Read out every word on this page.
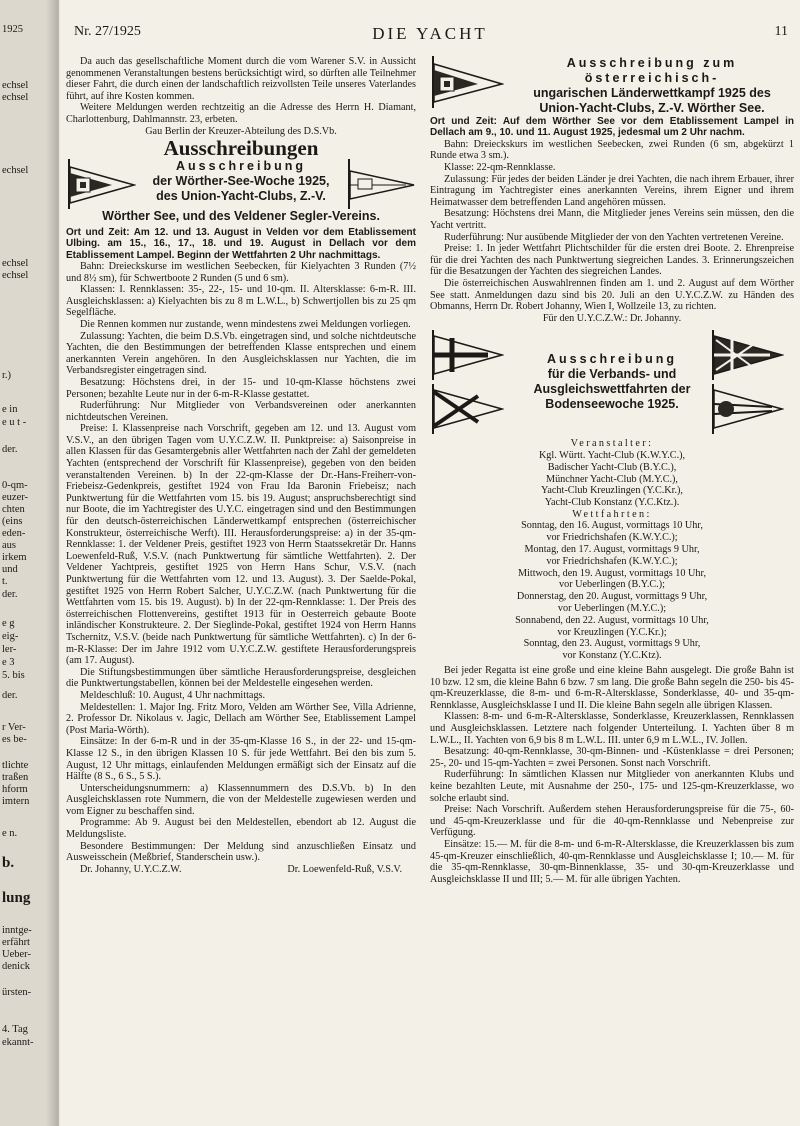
1925
echsel
echsel
echsel
echsel
echsel
r.)
e in
e u t -
der.
0-qm-
euzer-
chten
(eins
eden-
aus
irkem
und
t.
der.
e g
eig-
ler-
e 3
5. bis
der.
r Ver-
es be-
tlichte
traßen
hform
imtern
e n.
b.
lung
inntge-
erfährt
Ueber-
denick
ürsten-
4. Tag
ekannt-
Nr. 27/1925	DIE YACHT	11

Da auch das gesellschaftliche Moment durch die vom Warener S.V. in Aussicht genommenen Veranstaltungen bestens berücksichtigt wird, so dürften alle Teilnehmer dieser Fahrt, die durch einen der landschaftlich reizvollsten Teile unseres Vaterlandes führt, auf ihre Kosten kommen.

Weitere Meldungen werden rechtzeitig an die Adresse des Herrn H. Diamant, Charlottenburg, Dahlmannstr. 23, erbeten.

Gau Berlin der Kreuzer-Abteilung des D.S.Vb.

Ausschreibungen
Ausschreibung
der Wörther-See-Woche 1925,
des Union-Yacht-Clubs, Z.-V.
Wörther See, und des Veldener Segler-Vereins.

Ort und Zeit: Am 12. und 13. August in Velden vor dem Etablissement Ulbing. am 15., 16., 17., 18. und 19. August in Dellach vor dem Etablissement Lampel. Beginn der Wettfahrten 2 Uhr nachmittags.

Bahn: Dreieckskurse im westlichen Seebecken, für Kielyachten 3 Runden (7½ und 8½ sm), für Schwertboote 2 Runden (5 und 6 sm).

Klassen: I. Rennklassen: 35-, 22-, 15- und 10-qm. II. Altersklasse: 6-m-R. III. Ausgleichsklassen: a) Kielyachten bis zu 8 m L.W.L., b) Schwertjollen bis zu 25 qm Segelfläche.

Die Rennen kommen nur zustande, wenn mindestens zwei Meldungen vorliegen.

Zulassung: Yachten, die beim D.S.Vb. eingetragen sind, und solche nichtdeutsche Yachten, die den Bestimmungen der betreffenden Klasse entsprechen und einem anerkannten Verein angehören. In den Ausgleichsklassen nur Yachten, die im Verbandsregister eingetragen sind.

Besatzung: Höchstens drei, in der 15- und 10-qm-Klasse höchstens zwei Personen; bezahlte Leute nur in der 6-m-R-Klasse gestattet.

Ruderführung: Nur Mitglieder von Verbandsvereinen oder anerkannten nichtdeutschen Vereinen.

Preise: I. Klassenpreise nach Vorschrift, gegeben am 12. und 13. August vom V.S.V., an den übrigen Tagen vom U.Y.C.Z.W. II. Punktpreise: a) Saisonpreise in allen Klassen für das Gesamtergebnis aller Wettfahrten nach der Zahl der gemeldeten Yachten (entsprechend der Vorschrift für Klassenpreise), gegeben von den beiden veranstaltenden Vereinen. b) In der 22-qm-Klasse der Dr.-Hans-Freiherr-von-Friebeisz-Gedenkpreis, gestiftet 1924 von Frau Ida Baronin Friebeisz; nach Punktwertung für die Wettfahrten vom 15. bis 19. August; anspruchsberechtigt sind nur Boote, die im Yachtregister des U.Y.C. eingetragen sind und den Bestimmungen für den deutsch-österreichischen Länderwettkampf entsprechen (österreichischer Konstrukteur, österreichische Werft). III. Herausforderungspreise: a) in der 35-qm-Rennklasse: 1. der Veldener Preis, gestiftet 1923 von Herrn Staatssekretär Dr. Hanns Loewenfeld-Ruß, V.S.V. (nach Punktwertung für sämtliche Wettfahrten). 2. Der Veldener Yachtpreis, gestiftet 1925 von Herrn Hans Schur, V.S.V. (nach Punktwertung für die Wettfahrten vom 12. und 13. August). 3. Der Saelde-Pokal, gestiftet 1925 von Herrn Robert Salcher, U.Y.C.Z.W. (nach Punktwertung für die Wettfahrten vom 15. bis 19. August). b) In der 22-qm-Rennklasse: 1. Der Preis des österreichischen Flottenvereins, gestiftet 1913 für in Oesterreich gebaute Boote inländischer Konstrukteure. 2. Der Sieglinde-Pokal, gestiftet 1924 von Herrn Hanns Tschernitz, V.S.V. (beide nach Punktwertung für sämtliche Wettfahrten). c) In der 6-m-R-Klasse: Der im Jahre 1912 vom U.Y.C.Z.W. gestiftete Herausforderungspreis (am 17. August).

Die Stiftungsbestimmungen über sämtliche Herausforderungspreise, desgleichen die Punktwertungstabellen, können bei der Meldestelle eingesehen werden.

Meldeschluß: 10. August, 4 Uhr nachmittags.

Meldestellen: 1. Major Ing. Fritz Moro, Velden am Wörther See, Villa Adrienne, 2. Professor Dr. Nikolaus v. Jagic, Dellach am Wörther See, Etablissement Lampel (Post Maria-Wörth).

Einsätze: In der 6-m-R und in der 35-qm-Klasse 16 S., in der 22- und 15-qm-Klasse 12 S., in den übrigen Klassen 10 S. für jede Wettfahrt. Bei den bis zum 5. August, 12 Uhr mittags, einlaufenden Meldungen ermäßigt sich der Einsatz auf die Hälfte (8 S., 6 S., 5 S.).

Unterscheidungsnummern: a) Klassennummern des D.S.Vb. b) In den Ausgleichsklassen rote Nummern, die von der Meldestelle zugewiesen werden und vom Eigner zu beschaffen sind.

Programme: Ab 9. August bei den Meldestellen, ebendort ab 12. August die Meldungsliste.

Besondere Bestimmungen: Der Meldung sind anzuschließen Einsatz und Ausweisschein (Meßbrief, Standerschein usw.).

Dr. Johanny, U.Y.C.Z.W.	Dr. Loewenfeld-Ruß, V.S.V.
Ausschreibung zum österreichisch-
ungarischen Länderwettkampf 1925 des
Union-Yacht-Clubs, Z.-V. Wörther See.

Ort und Zeit: Auf dem Wörther See vor dem Etablissement Lampel in Dellach am 9., 10. und 11. August 1925, jedesmal um 2 Uhr nachm.

Bahn: Dreieckskurs im westlichen Seebecken, zwei Runden (6 sm, abgekürzt 1 Runde etwa 3 sm.).

Klasse: 22-qm-Rennklasse.

Zulassung: Für jedes der beiden Länder je drei Yachten, die nach ihrem Erbauer, ihrer Eintragung im Yachtregister eines anerkannten Vereins, ihrem Eigner und ihrem Heimatwasser dem betreffenden Land angehören müssen.

Besatzung: Höchstens drei Mann, die Mitglieder jenes Vereins sein müssen, den die Yacht vertritt.

Ruderführung: Nur ausübende Mitglieder der von den Yachten vertretenen Vereine.

Preise: 1. In jeder Wettfahrt Plichtschilder für die ersten drei Boote. 2. Ehrenpreise für die drei Yachten des nach Punktwertung siegreichen Landes. 3. Erinnerungszeichen für die Besatzungen der Yachten des siegreichen Landes.

Die österreichischen Auswahlrennen finden am 1. und 2. August auf dem Wörther See statt. Anmeldungen dazu sind bis 20. Juli an den U.Y.C.Z.W. zu Händen des Obmanns, Herrn Dr. Robert Johanny, Wien I, Wollzeile 13, zu richten.

Für den U.Y.C.Z.W.: Dr. Johanny.

Ausschreibung
für die Verbands- und
Ausgleichswettfahrten der
Bodenseewoche 1925.

Veranstalter:

Kgl. Württ. Yacht-Club (K.W.Y.C.),
Badischer Yacht-Club (B.Y.C.),
Münchner Yacht-Club (M.Y.C.),
Yacht-Club Kreuzlingen (Y.C.Kr.),
Yacht-Club Konstanz (Y.C.Ktz.).

Wettfahrten:

Sonntag, den 16. August, vormittags 10 Uhr,
vor Friedrichshafen (K.W.Y.C.);
Montag, den 17. August, vormittags 9 Uhr,
vor Friedrichshafen (K.W.Y.C.);
Mittwoch, den 19. August, vormittags 10 Uhr,
vor Ueberlingen (B.Y.C.);
Donnerstag, den 20. August, vormittags 9 Uhr,
vor Ueberlingen (M.Y.C.);
Sonnabend, den 22. August, vormittags 10 Uhr,
vor Kreuzlingen (Y.C.Kr.);
Sonntag, den 23. August, vormittags 9 Uhr,
vor Konstanz (Y.C.Ktz).

Bei jeder Regatta ist eine große und eine kleine Bahn ausgelegt. Die große Bahn ist 10 bzw. 12 sm, die kleine Bahn 6 bzw. 7 sm lang. Die große Bahn segeln die 250- bis 45-qm-Kreuzerklasse, die 8-m- und 6-m-R-Altersklasse, Sonderklasse, 40- und 35-qm-Rennklasse, Ausgleichsklasse I und II. Die kleine Bahn segeln alle übrigen Klassen.

Klassen: 8-m- und 6-m-R-Altersklasse, Sonderklasse, Kreuzerklassen, Rennklassen und Ausgleichsklassen. Letztere nach folgender Unterteilung. I. Yachten über 8 m L.W.L., II. Yachten von 6,9 bis 8 m L.W.L. III. unter 6,9 m L.W.L., IV. Jollen.

Besatzung: 40-qm-Rennklasse, 30-qm-Binnen- und -Küstenklasse = drei Personen; 25-, 20- und 15-qm-Yachten = zwei Personen. Sonst nach Vorschrift.

Ruderführung: In sämtlichen Klassen nur Mitglieder von anerkannten Klubs und keine bezahlten Leute, mit Ausnahme der 250-, 175- und 125-qm-Kreuzerklasse, wo solche erlaubt sind.

Preise: Nach Vorschrift. Außerdem stehen Herausforderungspreise für die 75-, 60- und 45-qm-Kreuzerklasse und für die 40-qm-Rennklasse und Nebenpreise zur Verfügung.

Einsätze: 15.— M. für die 8-m- und 6-m-R-Altersklasse, die Kreuzerklassen bis zum 45-qm-Kreuzer einschließlich, 40-qm-Rennklasse und Ausgleichsklasse I; 10.— M. für die 35-qm-Rennklasse, 30-qm-Binnenklasse, 35- und 30-qm-Kreuzerklasse und Ausgleichsklasse II und III; 5.— M. für alle übrigen Yachten.
